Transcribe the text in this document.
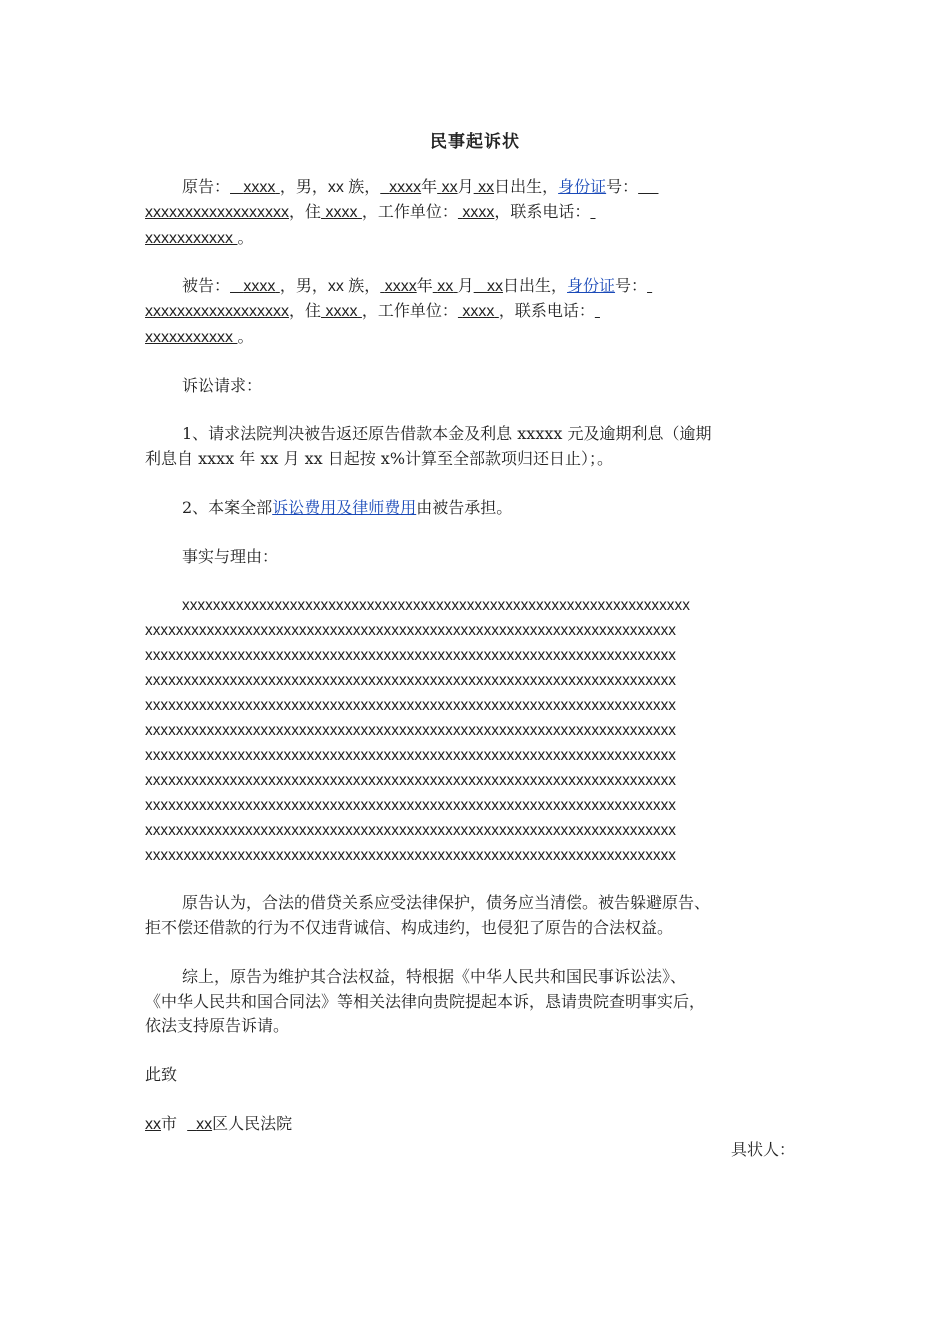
民事起诉状
原告： xxxx ，男，xx 族， xxxx年 xx月 xx日出生，身份证号：
xxxxxxxxxxxxxxxxxx，住 xxxx ，工作单位： xxxx，联系电话：
xxxxxxxxxxx 。
被告： xxxx ，男，xx 族， xxxx年 xx 月 xx日出生，身份证号：
xxxxxxxxxxxxxxxxxx，住 xxxx ，工作单位： xxxx ，联系电话：
xxxxxxxxxxx 。
诉讼请求：
1、请求法院判决被告返还原告借款本金及利息 xxxxx 元及逾期利息（逾期
利息自 xxxx 年 xx 月 xx 日起按 x%计算至全部款项归还日止）；。
2、本案全部诉讼费用及律师费用由被告承担。
事实与理由：
xxxxxxxxxxxxxxxxxxxxxxxxxxxxxxxxxxxxxxxxxxxxxxxxxxxxxxxxxxxxxxxxxx
xxxxxxxxxxxxxxxxxxxxxxxxxxxxxxxxxxxxxxxxxxxxxxxxxxxxxxxxxxxxxxxxxxxxx
xxxxxxxxxxxxxxxxxxxxxxxxxxxxxxxxxxxxxxxxxxxxxxxxxxxxxxxxxxxxxxxxxxxxx
xxxxxxxxxxxxxxxxxxxxxxxxxxxxxxxxxxxxxxxxxxxxxxxxxxxxxxxxxxxxxxxxxxxxx
xxxxxxxxxxxxxxxxxxxxxxxxxxxxxxxxxxxxxxxxxxxxxxxxxxxxxxxxxxxxxxxxxxxxx
xxxxxxxxxxxxxxxxxxxxxxxxxxxxxxxxxxxxxxxxxxxxxxxxxxxxxxxxxxxxxxxxxxxxx
xxxxxxxxxxxxxxxxxxxxxxxxxxxxxxxxxxxxxxxxxxxxxxxxxxxxxxxxxxxxxxxxxxxxx
xxxxxxxxxxxxxxxxxxxxxxxxxxxxxxxxxxxxxxxxxxxxxxxxxxxxxxxxxxxxxxxxxxxxx
xxxxxxxxxxxxxxxxxxxxxxxxxxxxxxxxxxxxxxxxxxxxxxxxxxxxxxxxxxxxxxxxxxxxx
xxxxxxxxxxxxxxxxxxxxxxxxxxxxxxxxxxxxxxxxxxxxxxxxxxxxxxxxxxxxxxxxxxxxx
xxxxxxxxxxxxxxxxxxxxxxxxxxxxxxxxxxxxxxxxxxxxxxxxxxxxxxxxxxxxxxxxxxxxx
原告认为，合法的借贷关系应受法律保护，债务应当清偿。被告躲避原告、
拒不偿还借款的行为不仅违背诚信、构成违约，也侵犯了原告的合法权益。
综上，原告为维护其合法权益，特根据《中华人民共和国民事诉讼法》、
《中华人民共和国合同法》等相关法律向贵院提起本诉，恳请贵院查明事实后，
依法支持原告诉请。
此致
xx市 xx区人民法院
具状人：
